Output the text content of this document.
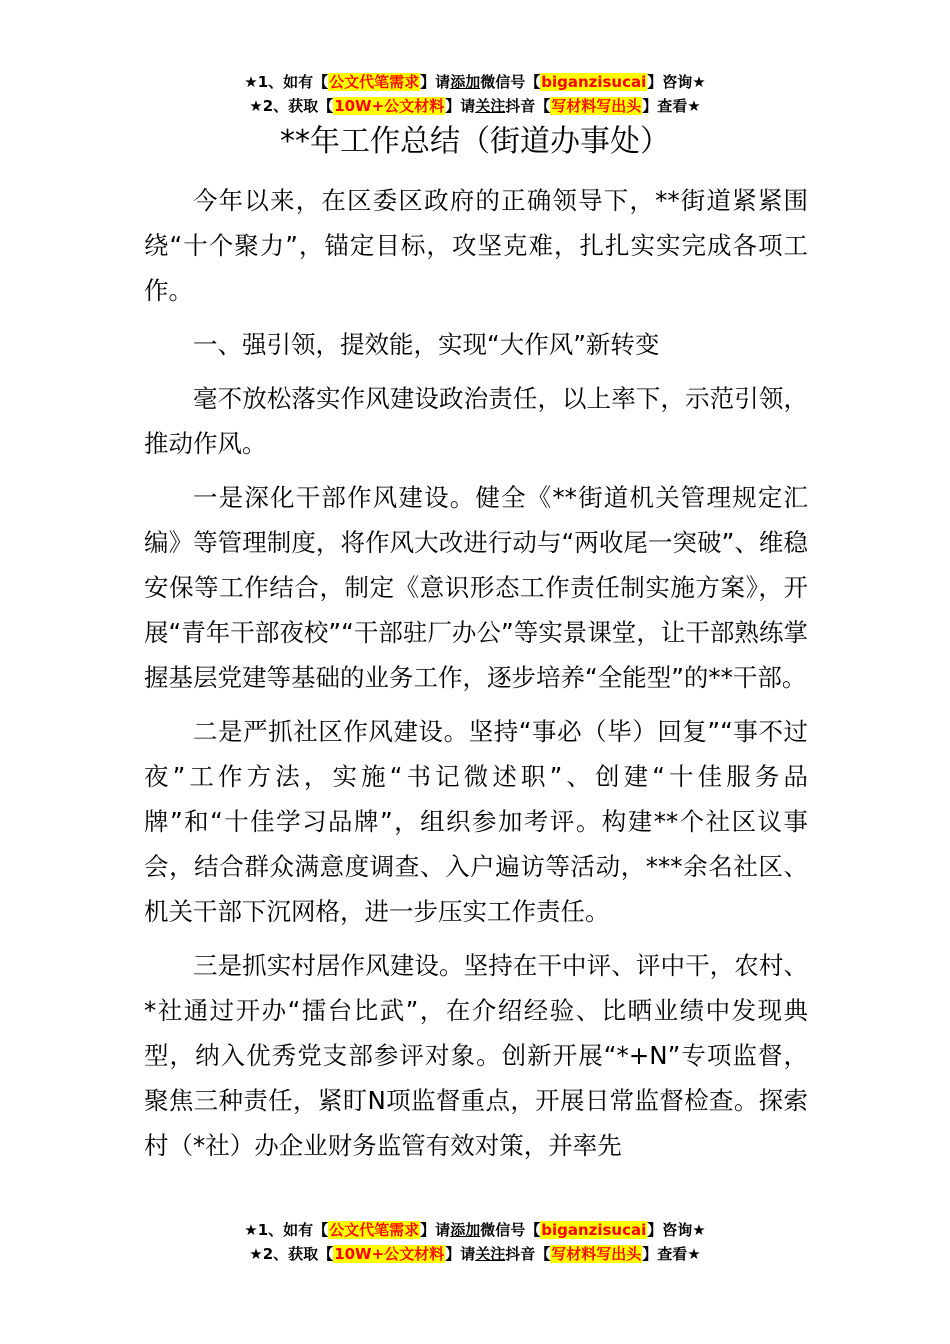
★1、如有【公文代笔需求】请添加微信号【biganzisucai】咨询★
★2、获取【10W+公文材料】请关注抖音【写材料写出头】查看★
**年工作总结（街道办事处）

今年以来，在区委区政府的正确领导下，**街道紧紧围绕“十个聚力”，锚定目标，攻坚克难，扎扎实实完成各项工作。

一、强引领，提效能，实现“大作风”新转变

毫不放松落实作风建设政治责任，以上率下，示范引领，推动作风。

一是深化干部作风建设。健全《**街道机关管理规定汇编》等管理制度，将作风大改进行动与“两收尾一突破”、维稳安保等工作结合，制定《意识形态工作责任制实施方案》，开展“青年干部夜校”“干部驻厂办公”等实景课堂，让干部熟练掌握基层党建等基础的业务工作，逐步培养“全能型”的**干部。

二是严抓社区作风建设。坚持“事必（毕）回复”“事不过夜”工作方法，实施“书记微述职”、创建“十佳服务品牌”和“十佳学习品牌”，组织参加考评。构建**个社区议事会，结合群众满意度调查、入户遍访等活动，***余名社区、机关干部下沉网格，进一步压实工作责任。

三是抓实村居作风建设。坚持在干中评、评中干，农村、*社通过开办“擂台比武”，在介绍经验、比晒业绩中发现典型，纳入优秀党支部参评对象。创新开展“*+N”专项监督，聚焦三种责任，紧盯N项监督重点，开展日常监督检查。探索村（*社）办企业财务监管有效对策，并率先

★1、如有【公文代笔需求】请添加微信号【biganzisucai】咨询★
★2、获取【10W+公文材料】请关注抖音【写材料写出头】查看★
